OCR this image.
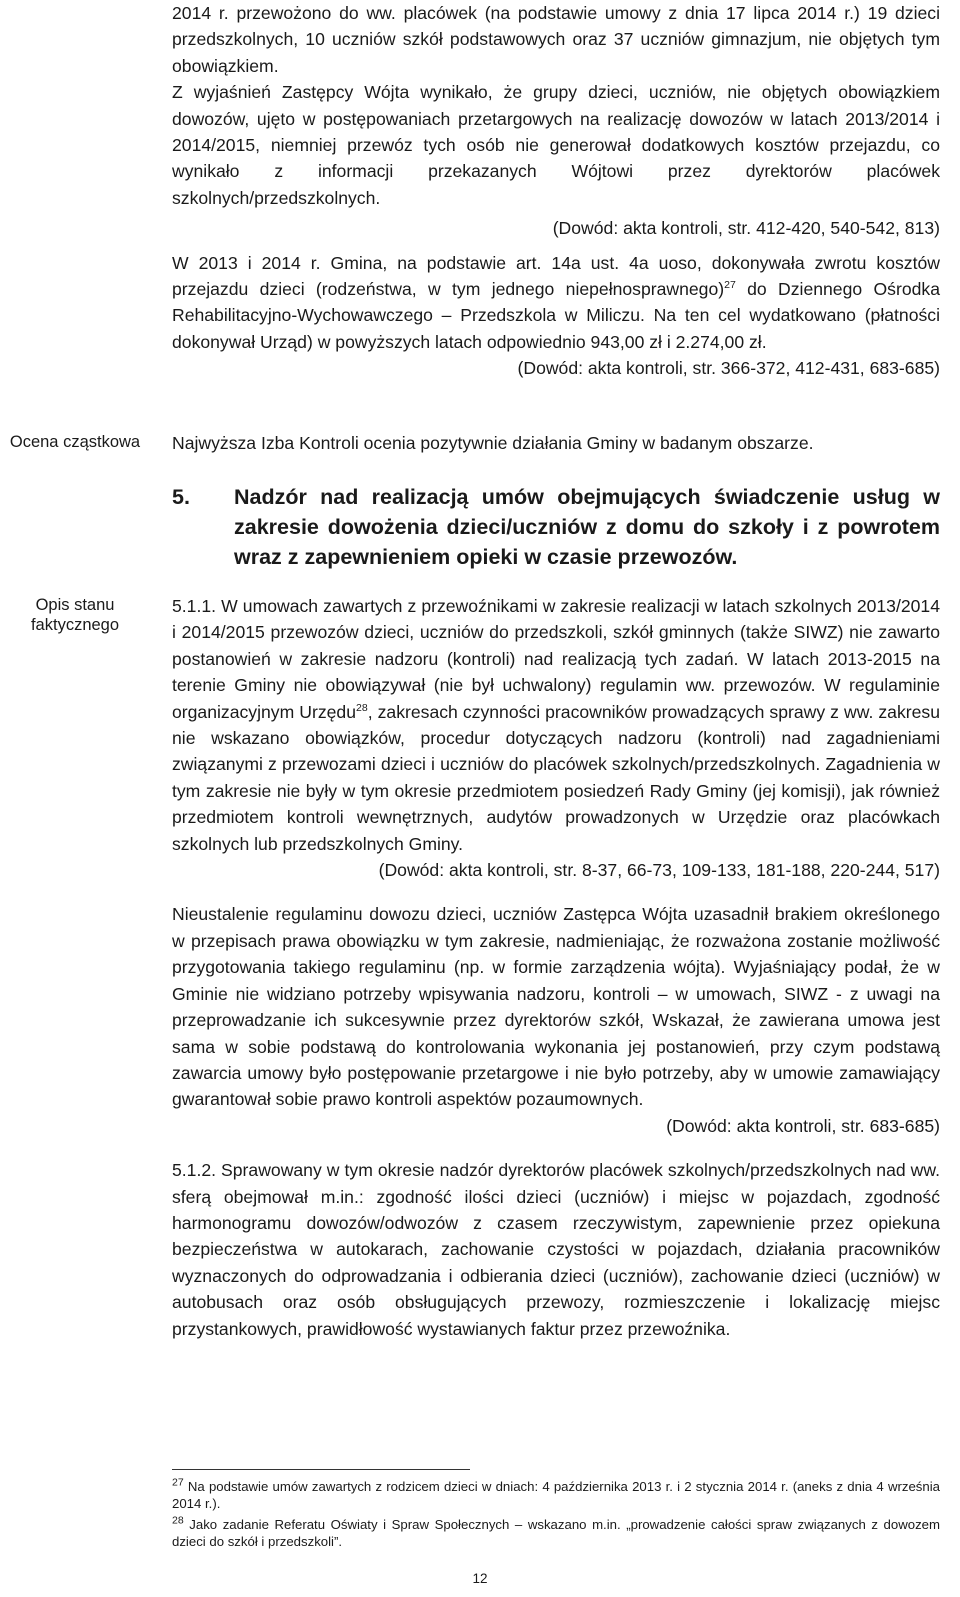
2014 r. przewożono do ww. placówek (na podstawie umowy z dnia 17 lipca 2014 r.) 19 dzieci przedszkolnych, 10 uczniów szkół podstawowych oraz 37 uczniów gimnazjum, nie objętych tym obowiązkiem.

Z wyjaśnień Zastępcy Wójta wynikało, że grupy dzieci, uczniów, nie objętych obowiązkiem dowozów, ujęto w postępowaniach przetargowych na realizację dowozów w latach 2013/2014 i 2014/2015, niemniej przewóz tych osób nie generował dodatkowych kosztów przejazdu, co wynikało z informacji przekazanych Wójtowi przez dyrektorów placówek szkolnych/przedszkolnych.

(Dowód: akta kontroli, str. 412-420, 540-542, 813)

W 2013 i 2014 r. Gmina, na podstawie art. 14a ust. 4a uoso, dokonywała zwrotu kosztów przejazdu dzieci (rodzeństwa, w tym jednego niepełnosprawnego)$^{27}$ do Dziennego Ośrodka Rehabilitacyjno-Wychowawczego – Przedszkola w Miliczu. Na ten cel wydatkowano (płatności dokonywał Urząd) w powyższych latach odpowiednio 943,00 zł i 2.274,00 zł.

(Dowód: akta kontroli, str. 366-372, 412-431, 683-685)

Ocena cząstkowa	Najwyższa Izba Kontroli ocenia pozytywnie działania Gminy w badanym obszarze.

5. Nadzór nad realizacją umów obejmujących świadczenie usług w zakresie dowożenia dzieci/uczniów z domu do szkoły i z powrotem wraz z zapewnieniem opieki w czasie przewozów.
Opis stanu
faktycznego

5.1.1. W umowach zawartych z przewoźnikami w zakresie realizacji w latach szkolnych 2013/2014 i 2014/2015 przewozów dzieci, uczniów do przedszkoli, szkół gminnych (także SIWZ) nie zawarto postanowień w zakresie nadzoru (kontroli) nad realizacją tych zadań. W latach 2013-2015 na terenie Gminy nie obowiązywał (nie był uchwalony) regulamin ww. przewozów. W regulaminie organizacyjnym Urzędu$^{28}$, zakresach czynności pracowników prowadzących sprawy z ww. zakresu nie wskazano obowiązków, procedur dotyczących nadzoru (kontroli) nad zagadnieniami związanymi z przewozami dzieci i uczniów do placówek szkolnych/przedszkolnych. Zagadnienia w tym zakresie nie były w tym okresie przedmiotem posiedzeń Rady Gminy (jej komisji), jak również przedmiotem kontroli wewnętrznych, audytów prowadzonych w Urzędzie oraz placówkach szkolnych lub przedszkolnych Gminy.

(Dowód: akta kontroli, str. 8-37, 66-73, 109-133, 181-188, 220-244, 517)

Nieustalenie regulaminu dowozu dzieci, uczniów Zastępca Wójta uzasadnił brakiem określonego w przepisach prawa obowiązku w tym zakresie, nadmieniając, że rozważona zostanie możliwość przygotowania takiego regulaminu (np. w formie zarządzenia wójta). Wyjaśniający podał, że w Gminie nie widziano potrzeby wpisywania nadzoru, kontroli – w umowach, SIWZ - z uwagi na przeprowadzanie ich sukcesywnie przez dyrektorów szkół, Wskazał, że zawierana umowa jest sama w sobie podstawą do kontrolowania wykonania jej postanowień, przy czym podstawą zawarcia umowy było postępowanie przetargowe i nie było potrzeby, aby w umowie zamawiający gwarantował sobie prawo kontroli aspektów pozaumownych.

(Dowód: akta kontroli, str. 683-685)

5.1.2. Sprawowany w tym okresie nadzór dyrektorów placówek szkolnych/przedszkolnych nad ww. sferą obejmował m.in.: zgodność ilości dzieci (uczniów) i miejsc w pojazdach, zgodność harmonogramu dowozów/odwozów z czasem rzeczywistym, zapewnienie przez opiekuna bezpieczeństwa w autokarach, zachowanie czystości w pojazdach, działania pracowników wyznaczonych do odprowadzania i odbierania dzieci (uczniów), zachowanie dzieci (uczniów) w autobusach oraz osób obsługujących przewozy, rozmieszczenie i lokalizację miejsc przystankowych, prawidłowość wystawianych faktur przez przewoźnika.

$^{27}$ Na podstawie umów zawartych z rodzicem dzieci w dniach: 4 października 2013 r. i 2 stycznia 2014 r. (aneks z dnia 4 września 2014 r.).

$^{28}$ Jako zadanie Referatu Oświaty i Spraw Społecznych – wskazano m.in. „prowadzenie całości spraw związanych z dowozem dzieci do szkół i przedszkoli”.

12
